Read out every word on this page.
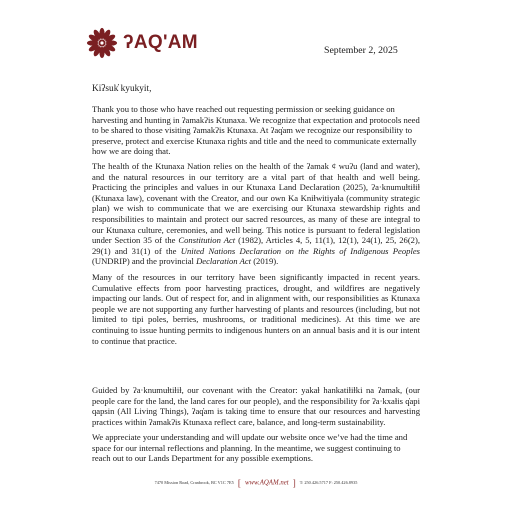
ʔAQ'AM	September 2, 2025
Kiʔsuk̓ kyukyit,

Thank you to those who have reached out requesting permission or seeking guidance on harvesting and hunting in ʔamakʔis Ktunaxa. We recognize that expectation and protocols need to be shared to those visiting ʔamakʔis Ktunaxa. At ʔaq̓am we recognize our responsibility to preserve, protect and exercise Ktunaxa rights and title and the need to communicate externally how we are doing that.

The health of the Ktunaxa Nation relies on the health of the ʔamak ¢ wuʔu (land and water), and the natural resources in our territory are a vital part of that health and well being. Practicing the principles and values in our Ktunaxa Land Declaration (2025), ʔa·knumuⱡtiⱡiⱡ (Ktunaxa law), covenant with the Creator, and our own Ka Kniⱡwitiyaⱡa (community strategic plan) we wish to communicate that we are exercising our Ktunaxa stewardship rights and responsibilities to maintain and protect our sacred resources, as many of these are integral to our Ktunaxa culture, ceremonies, and well being. This notice is pursuant to federal legislation under Section 35 of the Constitution Act (1982), Articles 4, 5, 11(1), 12(1), 24(1), 25, 26(2), 29(1) and 31(1) of the United Nations Declaration on the Rights of Indigenous Peoples (UNDRIP) and the provincial Declaration Act (2019).

Many of the resources in our territory have been significantly impacted in recent years. Cumulative effects from poor harvesting practices, drought, and wildfires are negatively impacting our lands. Out of respect for, and in alignment with, our responsibilities as Ktunaxa people we are not supporting any further harvesting of plants and resources (including, but not limited to tipi poles, berries, mushrooms, or traditional medicines). At this time we are continuing to issue hunting permits to indigenous hunters on an annual basis and it is our intent to continue that practice.

Guided by ʔa·knumuⱡtiⱡiⱡ, our covenant with the Creator: yakaⱡ hankatiⱡiⱡki na ʔamak, (our people care for the land, the land cares for our people), and the responsibility for ʔa·kxaⱡis q̓api qapsin (All Living Things), ʔaq̓am is taking time to ensure that our resources and harvesting practices within ʔamakʔis Ktunaxa reflect care, balance, and long-term sustainability.

We appreciate your understanding and will update our website once we’ve had the time and space for our internal reflections and planning. In the meantime, we suggest continuing to reach out to our Lands Department for any possible exemptions.

7470 Mission Road, Cranbrook, BC V1C 7E5 [ www.AQAM.net ] T: 250.426.5717 F: 250.426.8935
